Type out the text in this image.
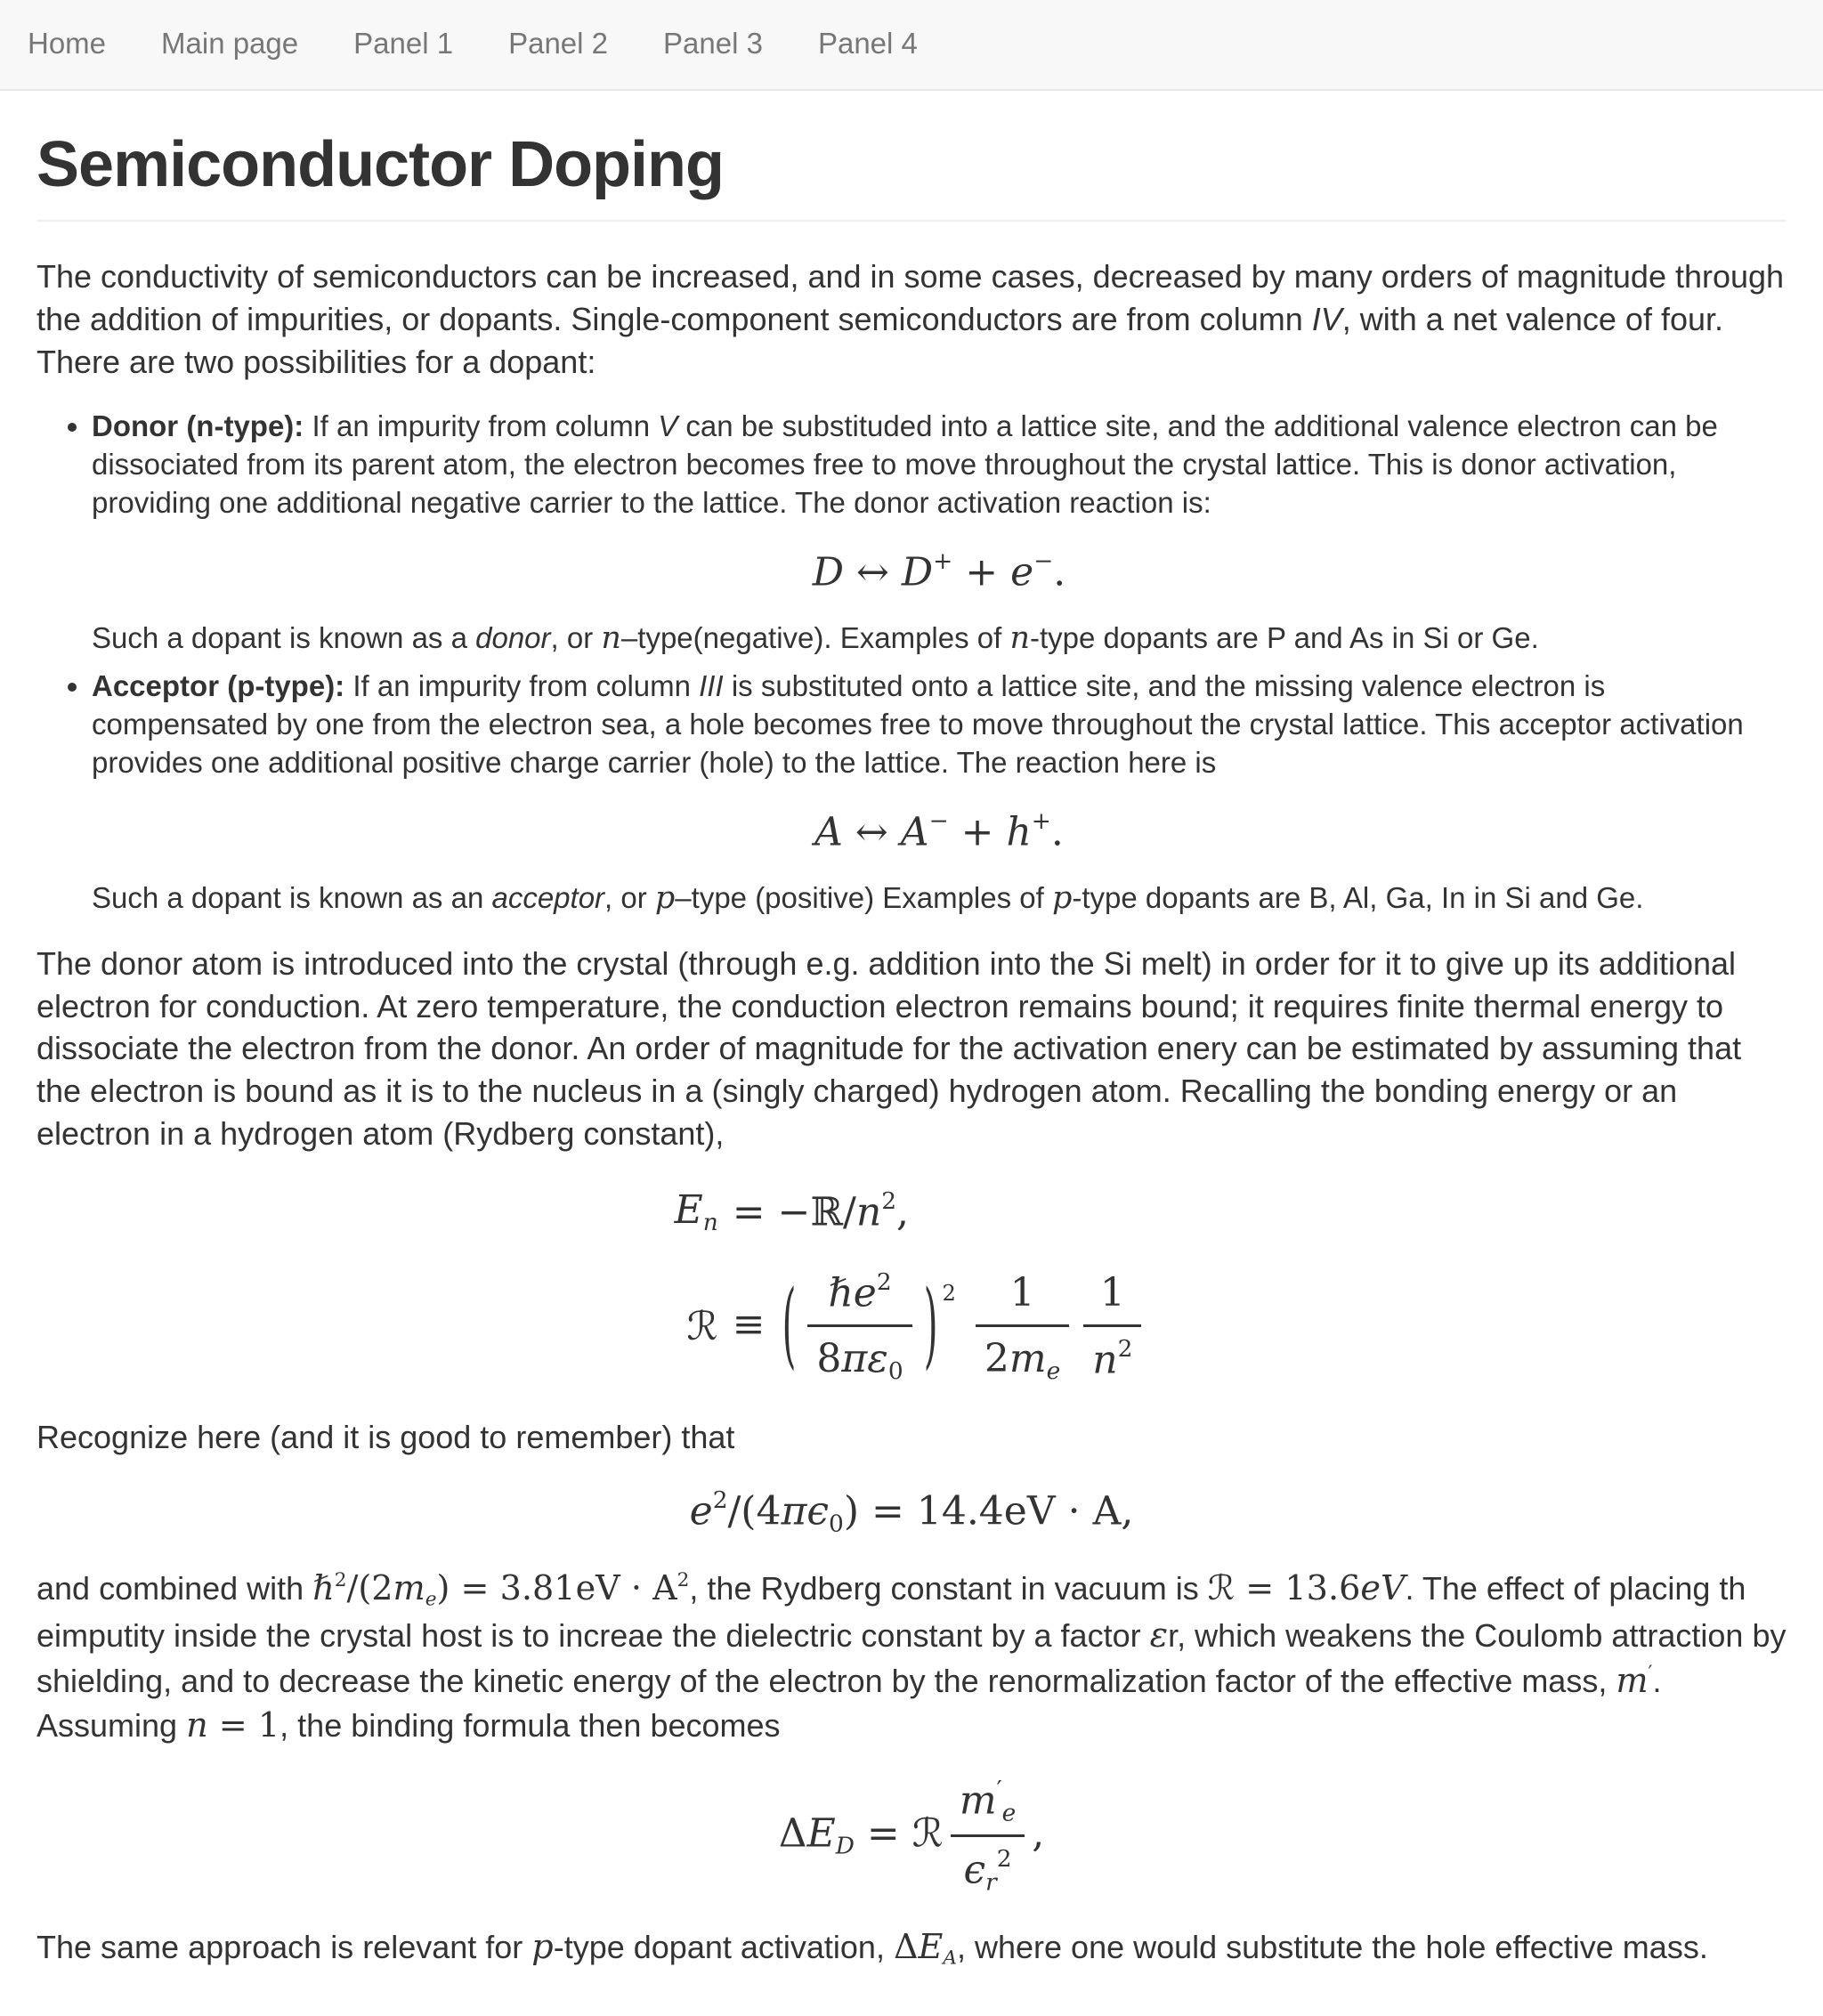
Home	Main page	Panel 1	Panel 2	Panel 3	Panel 4
Semiconductor Doping

The conductivity of semiconductors can be increased, and in some cases, decreased by many orders of magnitude through the addition of impurities, or dopants. Single-component semiconductors are from column IV, with a net valence of four. There are two possibilities for a dopant:

• Donor (n-type): If an impurity from column V can be substituded into a lattice site, and the additional valence electron can be dissociated from its parent atom, the electron becomes free to move throughout the crystal lattice. This is donor activation, providing one additional negative carrier to the lattice. The donor activation reaction is:
D ↔ D+ + e−.
Such a dopant is known as a donor, or n–type(negative). Examples of n-type dopants are P and As in Si or Ge.
• Acceptor (p-type): If an impurity from column III is substituted onto a lattice site, and the missing valence electron is compensated by one from the electron sea, a hole becomes free to move throughout the crystal lattice. This acceptor activation provides one additional positive charge carrier (hole) to the lattice. The reaction here is
A ↔ A− + h+.
Such a dopant is known as an acceptor, or p–type (positive) Examples of p-type dopants are B, Al, Ga, In in Si and Ge.

The donor atom is introduced into the crystal (through e.g. addition into the Si melt) in order for it to give up its additional electron for conduction. At zero temperature, the conduction electron remains bound; it requires finite thermal energy to dissociate the electron from the donor. An order of magnitude for the activation enery can be estimated by assuming that the electron is bound as it is to the nucleus in a (singly charged) hydrogen atom. Recalling the bonding energy or an electron in a hydrogen atom (Rydberg constant),

$En = -ℝ/n^2$,
ℛ ≡ ( $\frac{\hbar e^2}{8\pi\varepsilon 0}$ ) $^2 \frac{1}{2me} \frac{1}{n^2}$

Recognize here (and it is good to remember) that

$e^2/(4\pi\epsilon 0) = 14.4eV \cdot A$,

and combined with ℏ$^2$/(2me) = $3.81eV \cdot A^2$, the Rydberg constant in vacuum is ℛ = 13.6eV. The effect of placing th eimputity inside the crystal host is to increae the dielectric constant by a factor εr, which weakens the Coulomb attraction by shielding, and to decrease the kinetic energy of the electron by the renormalization factor of the effective mass, m′. Assuming n = 1, the binding formula then becomes

ΔED = ℛ $\frac{m'e}{\epsilon r^2}$ ,

The same approach is relevant for p-type dopant activation, ΔEA, where one would substitute the hole effective mass.
